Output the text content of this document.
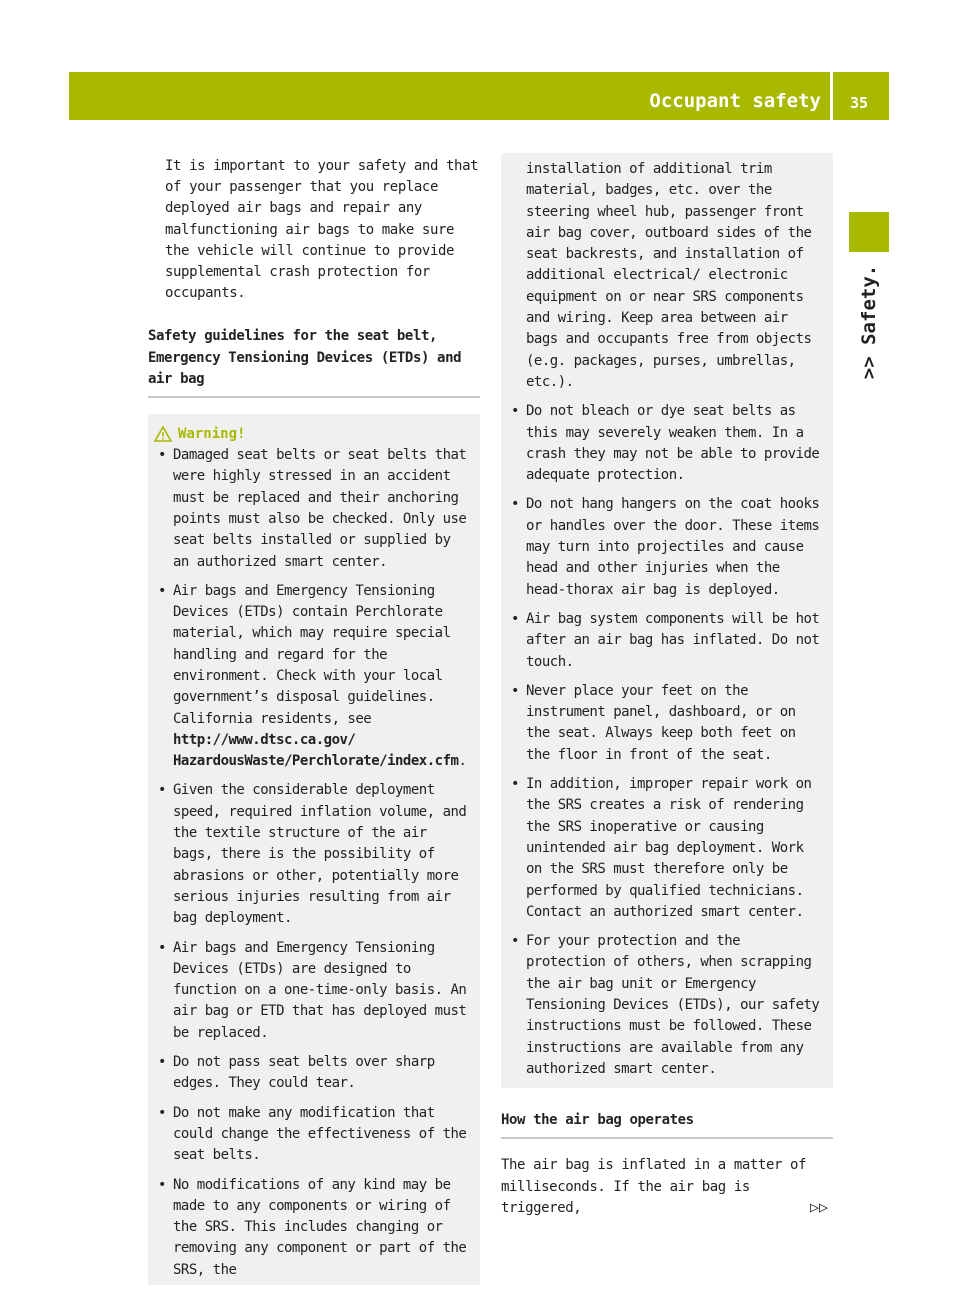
Occupant safety 35
>> Safety.

It is important to your safety and that of your passenger that you replace deployed air bags and repair any malfunctioning air bags to make sure the vehicle will continue to provide supplemental crash protection for occupants.

Safety guidelines for the seat belt, Emergency Tensioning Devices (ETDs) and air bag
Warning!
• Damaged seat belts or seat belts that were highly stressed in an accident must be replaced and their anchoring points must also be checked. Only use seat belts installed or supplied by an authorized smart center.
• Air bags and Emergency Tensioning Devices (ETDs) contain Perchlorate material, which may require special handling and regard for the environment. Check with your local government’s disposal guidelines. California residents, see http://www.dtsc.ca.gov/ HazardousWaste/Perchlorate/index.cfm.
• Given the considerable deployment speed, required inflation volume, and the textile structure of the air bags, there is the possibility of abrasions or other, potentially more serious injuries resulting from air bag deployment.
• Air bags and Emergency Tensioning Devices (ETDs) are designed to function on a one-time-only basis. An air bag or ETD that has deployed must be replaced.
• Do not pass seat belts over sharp edges. They could tear.
• Do not make any modification that could change the effectiveness of the seat belts.
• No modifications of any kind may be made to any components or wiring of the SRS. This includes changing or removing any component or part of the SRS, the
installation of additional trim material, badges, etc. over the steering wheel hub, passenger front air bag cover, outboard sides of the seat backrests, and installation of additional electrical/ electronic equipment on or near SRS components and wiring. Keep area between air bags and occupants free from objects (e.g. packages, purses, umbrellas, etc.).
• Do not bleach or dye seat belts as this may severely weaken them. In a crash they may not be able to provide adequate protection.
• Do not hang hangers on the coat hooks or handles over the door. These items may turn into projectiles and cause head and other injuries when the head-thorax air bag is deployed.
• Air bag system components will be hot after an air bag has inflated. Do not touch.
• Never place your feet on the instrument panel, dashboard, or on the seat. Always keep both feet on the floor in front of the seat.
• In addition, improper repair work on the SRS creates a risk of rendering the SRS inoperative or causing unintended air bag deployment. Work on the SRS must therefore only be performed by qualified technicians. Contact an authorized smart center.
• For your protection and the protection of others, when scrapping the air bag unit or Emergency Tensioning Devices (ETDs), our safety instructions must be followed. These instructions are available from any authorized smart center.
How the air bag operates

The air bag is inflated in a matter of milliseconds. If the air bag is triggered,	▷▷
